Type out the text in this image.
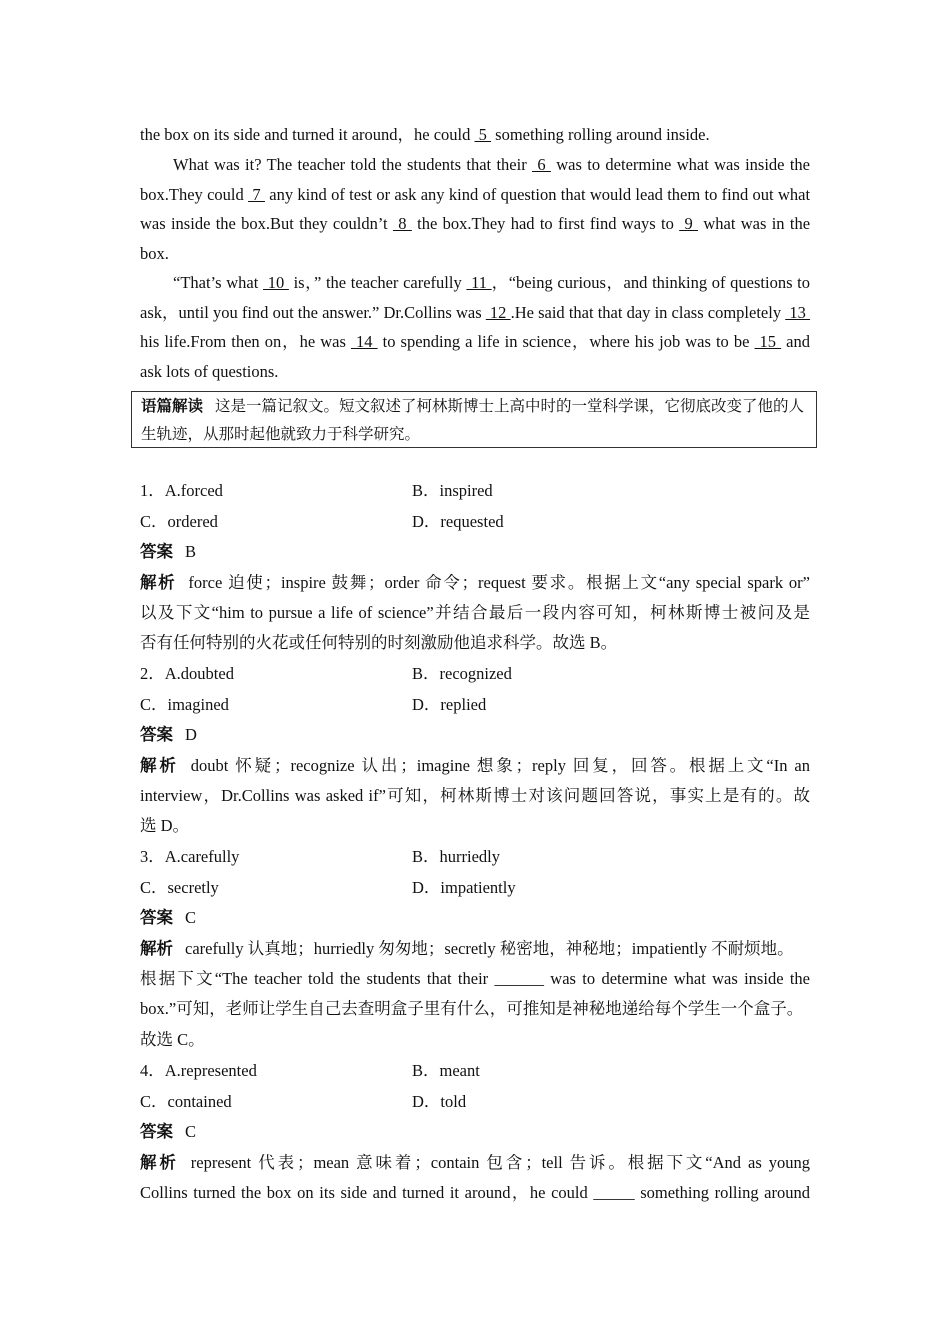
the box on its side and turned it around，he could  5  something rolling around inside.
What was it? The teacher told the students that their  6  was to determine what was inside the box.They could  7  any kind of test or ask any kind of question that would lead them to find out what was inside the box.But they couldn’t  8  the box.They had to first find ways to  9  what was in the box.
“That’s what  10  is，” the teacher carefully  11 ，“being curious，and thinking of questions to ask，until you find out the answer.” Dr.Collins was  12 .He said that that day in class completely  13  his life.From then on，he was  14  to spending a life in science，where his job was to be  15  and ask lots of questions.
语篇解读 这是一篇记叙文。短文叙述了柯林斯博士上高中时的一堂科学课，它彻底改变了他的人生轨迹，从那时起他就致力于科学研究。
1．A.forced	B．inspired
C．ordered	D．requested
答案 B
解析 force 迫使；inspire 鼓舞；order 命令；request 要求。根据上文“any special spark or”
以及下文“him to pursue a life of science”并结合最后一段内容可知，柯林斯博士被问及是
否有任何特别的火花或任何特别的时刻激励他追求科学。故选 B。
2．A.doubted	B．recognized
C．imagined	D．replied
答案 D
解析 doubt 怀疑；recognize 认出；imagine 想象；reply 回复，回答。根据上文“In an
interview，Dr.Collins was asked if”可知，柯林斯博士对该问题回答说，事实上是有的。故
选 D。
3．A.carefully	B．hurriedly
C．secretly	D．impatiently
答案 C
解析 carefully 认真地；hurriedly 匆匆地；secretly 秘密地，神秘地；impatiently 不耐烦地。
根据下文“The teacher told the students that their ______ was to determine what was inside the
box.”可知，老师让学生自己去查明盒子里有什么，可推知是神秘地递给每个学生一个盒子。
故选 C。
4．A.represented	B．meant
C．contained	D．told
答案 C
解析 represent 代表；mean 意味着；contain 包含；tell 告诉。根据下文“And as young
Collins turned the box on its side and turned it around，he could _____ something rolling around
